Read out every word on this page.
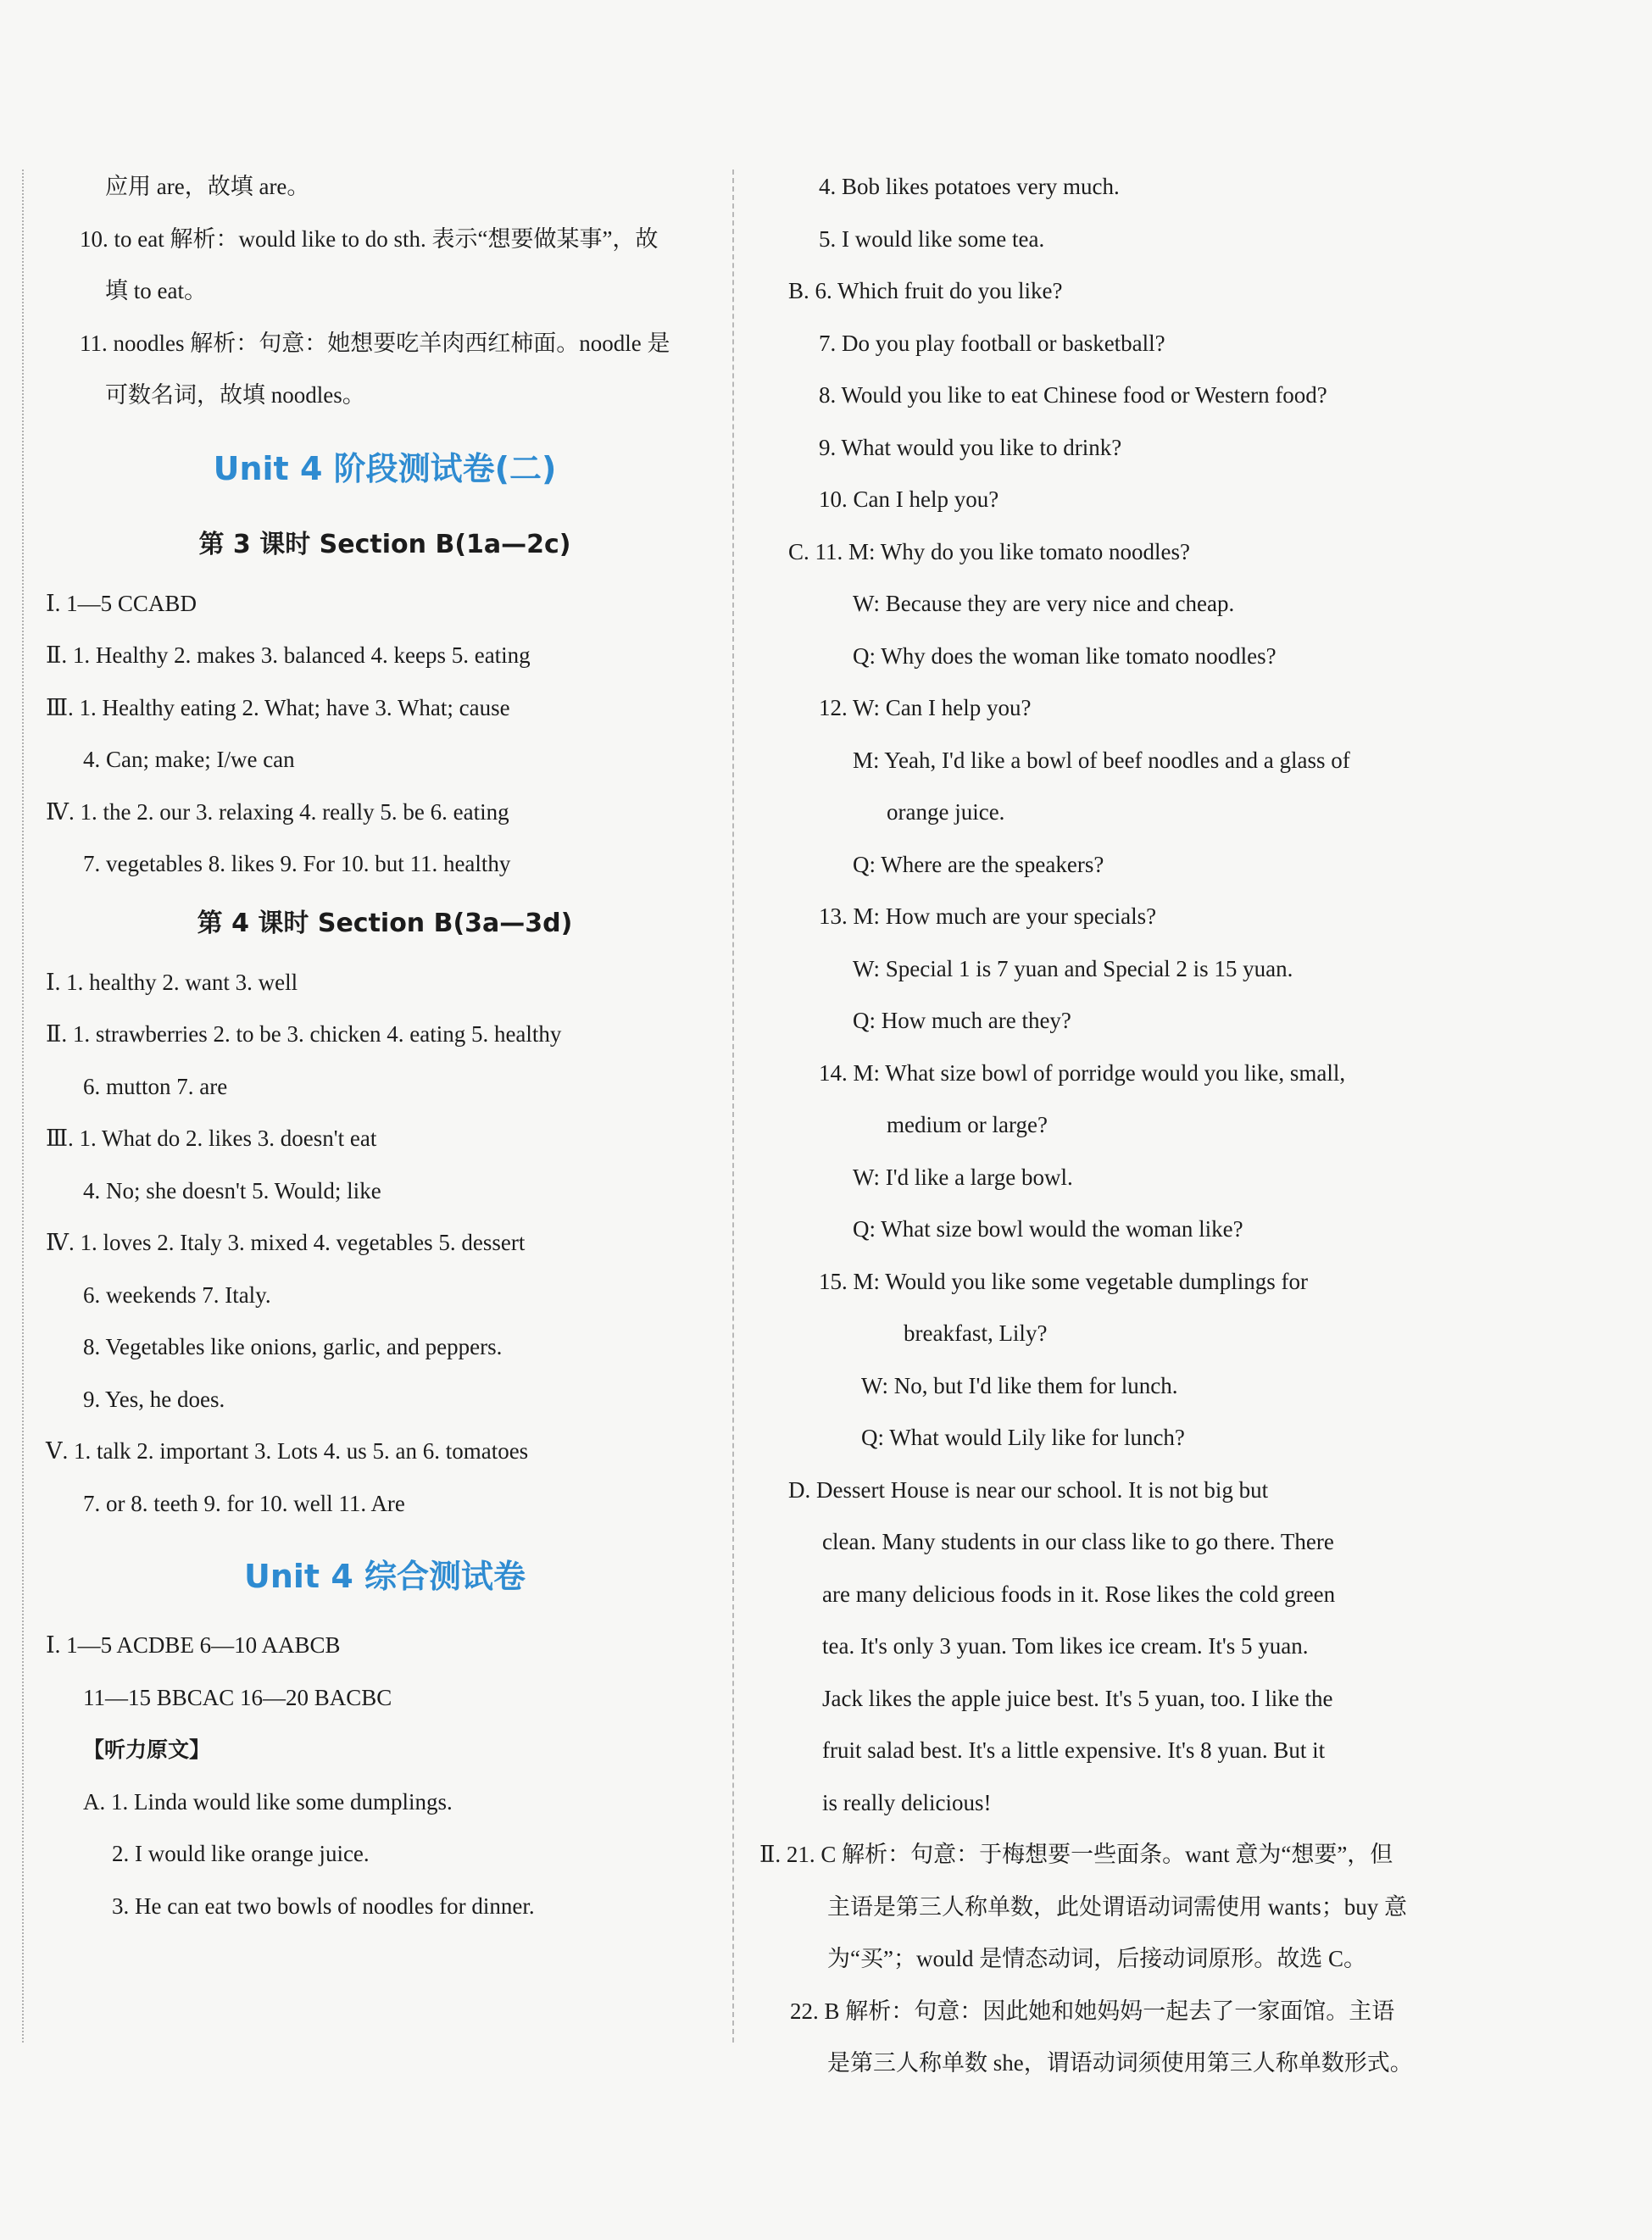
应用 are，故填 are。
10. to eat 解析：would like to do sth. 表示“想要做某事”，故
填 to eat。
11. noodles 解析：句意：她想要吃羊肉西红柿面。noodle 是
可数名词，故填 noodles。
Unit 4 阶段测试卷(二)
第 3 课时 Section B(1a—2c)
Ⅰ. 1—5 CCABD
Ⅱ. 1. Healthy 2. makes 3. balanced 4. keeps 5. eating
Ⅲ. 1. Healthy eating 2. What; have 3. What; cause
4. Can; make; I/we can
Ⅳ. 1. the 2. our 3. relaxing 4. really 5. be 6. eating
7. vegetables 8. likes 9. For 10. but 11. healthy
第 4 课时 Section B(3a—3d)
Ⅰ. 1. healthy 2. want 3. well
Ⅱ. 1. strawberries 2. to be 3. chicken 4. eating 5. healthy
6. mutton 7. are
Ⅲ. 1. What do 2. likes 3. doesn't eat
4. No; she doesn't 5. Would; like
Ⅳ. 1. loves 2. Italy 3. mixed 4. vegetables 5. dessert
6. weekends 7. Italy.
8. Vegetables like onions, garlic, and peppers.
9. Yes, he does.
Ⅴ. 1. talk 2. important 3. Lots 4. us 5. an 6. tomatoes
7. or 8. teeth 9. for 10. well 11. Are
Unit 4 综合测试卷
Ⅰ. 1—5 ACDBE 6—10 AABCB
11—15 BBCAC 16—20 BACBC
【听力原文】
A. 1. Linda would like some dumplings.
2. I would like orange juice.
3. He can eat two bowls of noodles for dinner.
4. Bob likes potatoes very much.
5. I would like some tea.
B. 6. Which fruit do you like?
7. Do you play football or basketball?
8. Would you like to eat Chinese food or Western food?
9. What would you like to drink?
10. Can I help you?
C. 11. M: Why do you like tomato noodles?
W: Because they are very nice and cheap.
Q: Why does the woman like tomato noodles?
12. W: Can I help you?
M: Yeah, I'd like a bowl of beef noodles and a glass of
orange juice.
Q: Where are the speakers?
13. M: How much are your specials?
W: Special 1 is 7 yuan and Special 2 is 15 yuan.
Q: How much are they?
14. M: What size bowl of porridge would you like, small,
medium or large?
W: I'd like a large bowl.
Q: What size bowl would the woman like?
15. M: Would you like some vegetable dumplings for
breakfast, Lily?
W: No, but I'd like them for lunch.
Q: What would Lily like for lunch?
D. Dessert House is near our school. It is not big but
clean. Many students in our class like to go there. There
are many delicious foods in it. Rose likes the cold green
tea. It's only 3 yuan. Tom likes ice cream. It's 5 yuan.
Jack likes the apple juice best. It's 5 yuan, too. I like the
fruit salad best. It's a little expensive. It's 8 yuan. But it
is really delicious!
Ⅱ. 21. C 解析：句意：于梅想要一些面条。want 意为“想要”，但
主语是第三人称单数，此处谓语动词需使用 wants；buy 意
为“买”；would 是情态动词，后接动词原形。故选 C。
22. B 解析：句意：因此她和她妈妈一起去了一家面馆。主语
是第三人称单数 she，谓语动词须使用第三人称单数形式。
